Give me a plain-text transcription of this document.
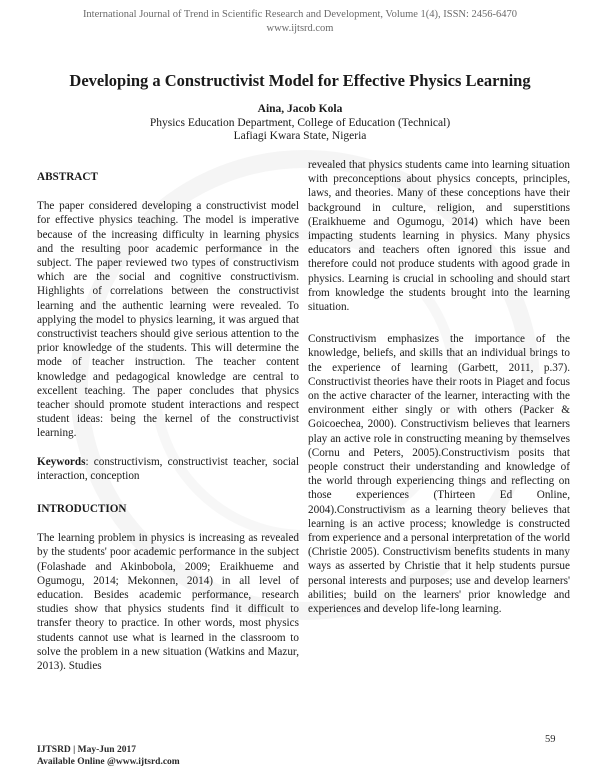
International Journal of Trend in Scientific Research and Development, Volume 1(4), ISSN: 2456-6470
www.ijtsrd.com
Developing a Constructivist Model for Effective Physics Learning
Aina, Jacob Kola
Physics Education Department, College of Education (Technical)
Lafiagi Kwara State, Nigeria
ABSTRACT

The paper considered developing a constructivist model for effective physics teaching. The model is imperative because of the increasing difficulty in learning physics and the resulting poor academic performance in the subject. The paper reviewed two types of constructivism which are the social and cognitive constructivism. Highlights of correlations between the constructivist learning and the authentic learning were revealed. To applying the model to physics learning, it was argued that constructivist teachers should give serious attention to the prior knowledge of the students. This will determine the mode of teacher instruction. The teacher content knowledge and pedagogical knowledge are central to excellent teaching. The paper concludes that physics teacher should promote student interactions and respect student ideas: being the kernel of the constructivist learning.

Keywords: constructivism, constructivist teacher, social interaction, conception

INTRODUCTION

The learning problem in physics is increasing as revealed by the students' poor academic performance in the subject (Folashade and Akinbobola, 2009; Eraikhueme and Ogumogu, 2014; Mekonnen, 2014) in all level of education. Besides academic performance, research studies show that physics students find it difficult to transfer theory to practice. In other words, most physics students cannot use what is learned in the classroom to solve the problem in a new situation (Watkins and Mazur, 2013). Studies

revealed that physics students came into learning situation with preconceptions about physics concepts, principles, laws, and theories. Many of these conceptions have their background in culture, religion, and superstitions (Eraikhueme and Ogumogu, 2014) which have been impacting students learning in physics. Many physics educators and teachers often ignored this issue and therefore could not produce students with agood grade in physics. Learning is crucial in schooling and should start from knowledge the students brought into the learning situation.

Constructivism emphasizes the importance of the knowledge, beliefs, and skills that an individual brings to the experience of learning (Garbett, 2011, p.37). Constructivist theories have their roots in Piaget and focus on the active character of the learner, interacting with the environment either singly or with others (Packer & Goicoechea, 2000). Constructivism believes that learners play an active role in constructing meaning by themselves (Cornu and Peters, 2005).Constructivism posits that people construct their understanding and knowledge of the world through experiencing things and reflecting on those experiences (Thirteen Ed Online, 2004).Constructivism as a learning theory believes that learning is an active process; knowledge is constructed from experience and a personal interpretation of the world (Christie 2005). Constructivism benefits students in many ways as asserted by Christie that it help students pursue personal interests and purposes; use and develop learners' abilities; build on the learners' prior knowledge and experiences and develop life-long learning.

59
IJTSRD | May-Jun 2017
Available Online @www.ijtsrd.com
